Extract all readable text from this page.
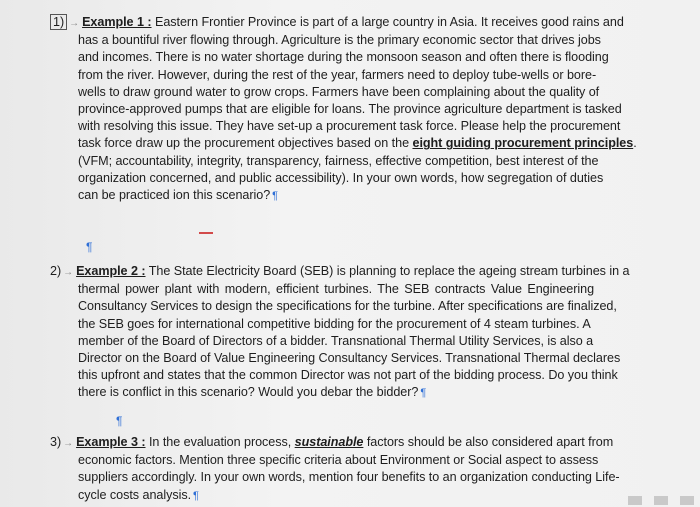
1) → Example 1 : Eastern Frontier Province is part of a large country in Asia. It receives good rains and

has a bountiful river flowing through. Agriculture is the primary economic sector that drives jobs

and incomes. There is no water shortage during the monsoon season and often there is flooding

from the river. However, during the rest of the year, farmers need to deploy tube-wells or bore-

wells to draw ground water to grow crops. Farmers have been complaining about the quality of

province-approved pumps that are eligible for loans. The province agriculture department is tasked

with resolving this issue. They have set-up a procurement task force. Please help the procurement

task force draw up the procurement objectives based on the eight guiding procurement principles.

(VFM; accountability, integrity, transparency, fairness, effective competition, best interest of the

organization concerned, and public accessibility). In your own words, how segregation of duties

can be practiced ion this scenario? ¶

¶

2) → Example 2 : The State Electricity Board (SEB) is planning to replace the ageing stream turbines in a

thermal power plant with modern, efficient turbines. The SEB contracts Value Engineering

Consultancy Services to design the specifications for the turbine. After specifications are finalized,

the SEB goes for international competitive bidding for the procurement of 4 steam turbines. A

member of the Board of Directors of a bidder. Transnational Thermal Utility Services, is also a

Director on the Board of Value Engineering Consultancy Services. Transnational Thermal declares

this upfront and states that the common Director was not part of the bidding process. Do you think

there is conflict in this scenario? Would you debar the bidder? ¶

¶

3) → Example 3 : In the evaluation process, sustainable factors should be also considered apart from

economic factors. Mention three specific criteria about Environment or Social aspect to assess

suppliers accordingly. In your own words, mention four benefits to an organization conducting Life-

cycle costs analysis. ¶
